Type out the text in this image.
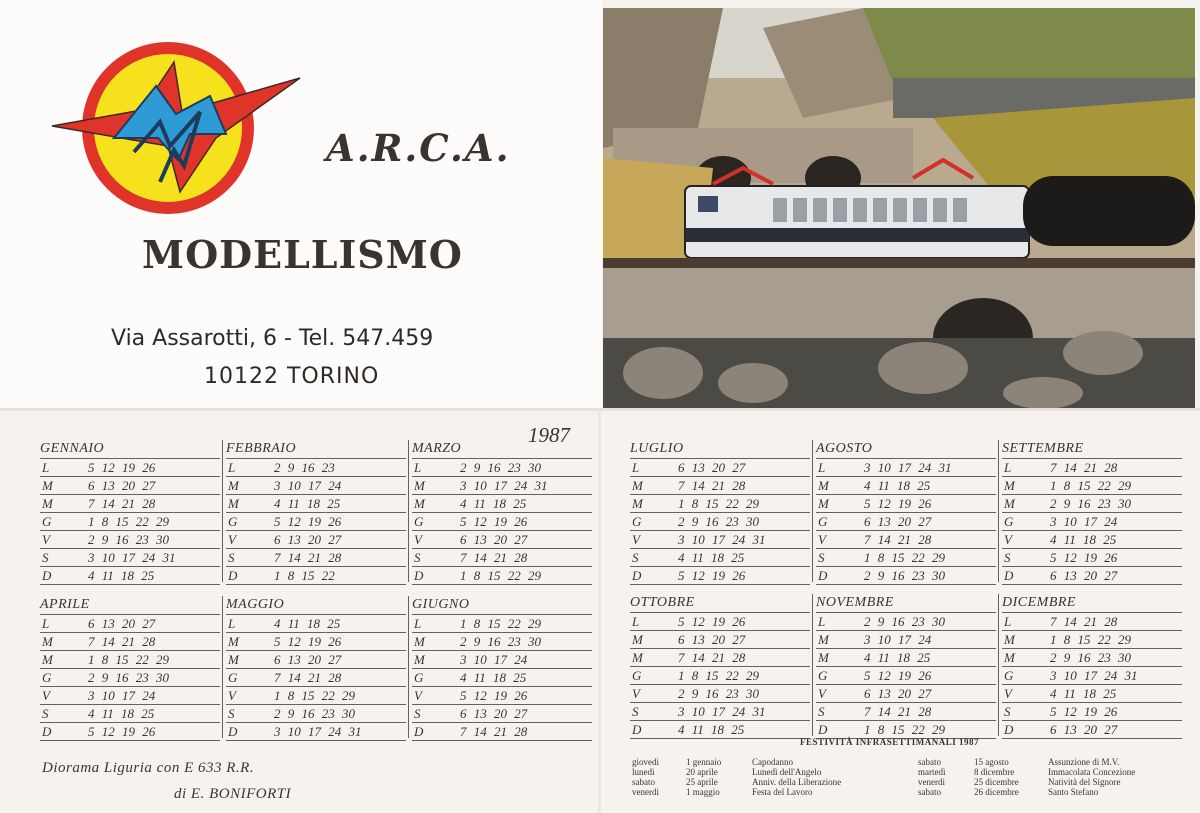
A.R.C.A.
MODELLISMO
Via Assarotti, 6 - Tel. 547.459
10122 TORINO
1987
GENNAIO
L	5 12 19 26
M	6 13 20 27
M	7 14 21 28
G	1 8 15 22 29
V	2 9 16 23 30
S	3 10 17 24 31
D	4 11 18 25
FEBBRAIO
L	2 9 16 23
M	3 10 17 24
M	4 11 18 25
G	5 12 19 26
V	6 13 20 27
S	7 14 21 28
D	1 8 15 22
MARZO
L	2 9 16 23 30
M	3 10 17 24 31
M	4 11 18 25
G	5 12 19 26
V	6 13 20 27
S	7 14 21 28
D	1 8 15 22 29
APRILE
L	6 13 20 27
M	7 14 21 28
M	1 8 15 22 29
G	2 9 16 23 30
V	3 10 17 24
S	4 11 18 25
D	5 12 19 26
MAGGIO
L	4 11 18 25
M	5 12 19 26
M	6 13 20 27
G	7 14 21 28
V	1 8 15 22 29
S	2 9 16 23 30
D	3 10 17 24 31
GIUGNO
L	1 8 15 22 29
M	2 9 16 23 30
M	3 10 17 24
G	4 11 18 25
V	5 12 19 26
S	6 13 20 27
D	7 14 21 28
LUGLIO
L	6 13 20 27
M	7 14 21 28
M	1 8 15 22 29
G	2 9 16 23 30
V	3 10 17 24 31
S	4 11 18 25
D	5 12 19 26
AGOSTO
L	3 10 17 24 31
M	4 11 18 25
M	5 12 19 26
G	6 13 20 27
V	7 14 21 28
S	1 8 15 22 29
D	2 9 16 23 30
SETTEMBRE
L	7 14 21 28
M	1 8 15 22 29
M	2 9 16 23 30
G	3 10 17 24
V	4 11 18 25
S	5 12 19 26
D	6 13 20 27
OTTOBRE
L	5 12 19 26
M	6 13 20 27
M	7 14 21 28
G	1 8 15 22 29
V	2 9 16 23 30
S	3 10 17 24 31
D	4 11 18 25
NOVEMBRE
L	2 9 16 23 30
M	3 10 17 24
M	4 11 18 25
G	5 12 19 26
V	6 13 20 27
S	7 14 21 28
D	1 8 15 22 29
DICEMBRE
L	7 14 21 28
M	1 8 15 22 29
M	2 9 16 23 30
G	3 10 17 24 31
V	4 11 18 25
S	5 12 19 26
D	6 13 20 27
Diorama Liguria con E 633 R.R.
di E. BONIFORTI
FESTIVITÀ INFRASETTIMANALI 1987
giovedì	1 gennaio	Capodanno
lunedì	20 aprile	Lunedì dell'Angelo
sabato	25 aprile	Anniv. della Liberazione
venerdì	1 maggio	Festa del Lavoro
sabato	15 agosto	Assunzione di M.V.
martedì	8 dicembre	Immacolata Concezione
venerdì	25 dicembre	Natività del Signore
sabato	26 dicembre	Santo Stefano
